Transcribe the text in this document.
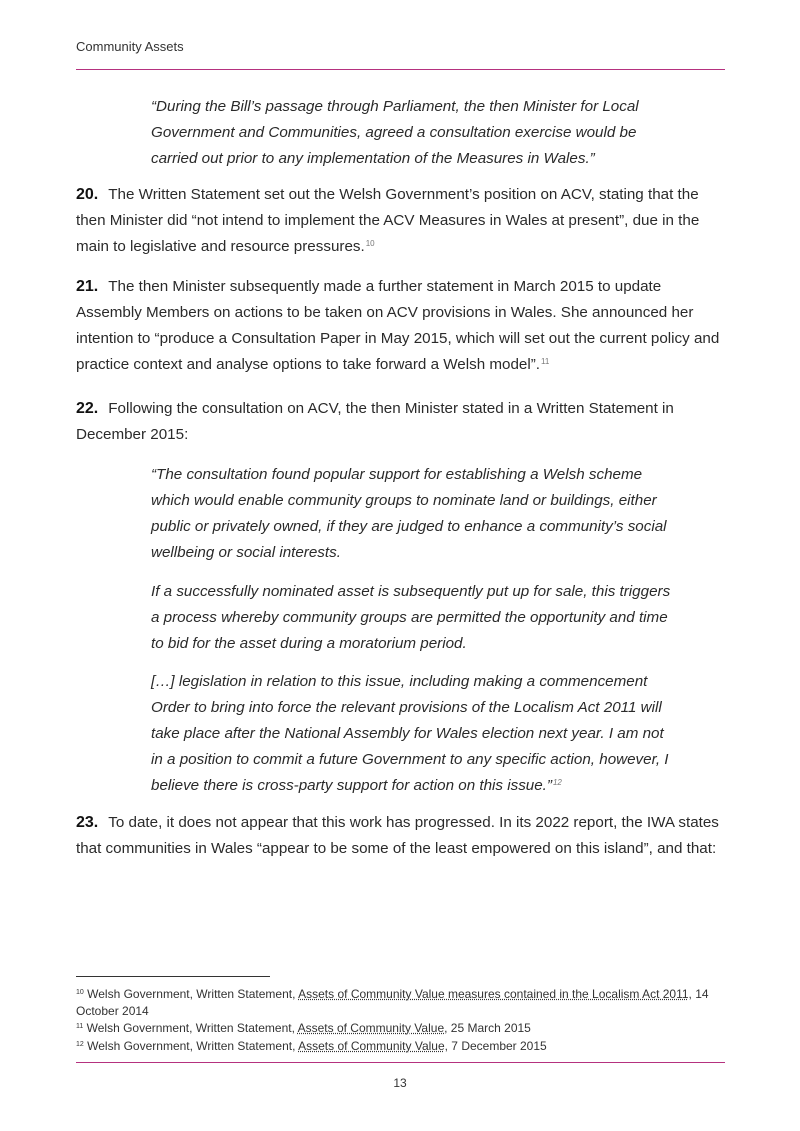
Community Assets

“During the Bill’s passage through Parliament, the then Minister for Local Government and Communities, agreed a consultation exercise would be carried out prior to any implementation of the Measures in Wales.”

20. The Written Statement set out the Welsh Government’s position on ACV, stating that the then Minister did “not intend to implement the ACV Measures in Wales at present”, due in the main to legislative and resource pressures.$^{10}$

21. The then Minister subsequently made a further statement in March 2015 to update Assembly Members on actions to be taken on ACV provisions in Wales. She announced her intention to “produce a Consultation Paper in May 2015, which will set out the current policy and practice context and analyse options to take forward a Welsh model”.$^{11}$

22. Following the consultation on ACV, the then Minister stated in a Written Statement in December 2015:

“The consultation found popular support for establishing a Welsh scheme which would enable community groups to nominate land or buildings, either public or privately owned, if they are judged to enhance a community’s social wellbeing or social interests.

If a successfully nominated asset is subsequently put up for sale, this triggers a process whereby community groups are permitted the opportunity and time to bid for the asset during a moratorium period.

[…] legislation in relation to this issue, including making a commencement Order to bring into force the relevant provisions of the Localism Act 2011 will take place after the National Assembly for Wales election next year. I am not in a position to commit a future Government to any specific action, however, I believe there is cross-party support for action on this issue.”$^{12}$

23. To date, it does not appear that this work has progressed. In its 2022 report, the IWA states that communities in Wales “appear to be some of the least empowered on this island”, and that:

$^{10}$ Welsh Government, Written Statement, Assets of Community Value measures contained in the Localism Act 2011, 14 October 2014
$^{11}$ Welsh Government, Written Statement, Assets of Community Value, 25 March 2015
$^{12}$ Welsh Government, Written Statement, Assets of Community Value, 7 December 2015
13
